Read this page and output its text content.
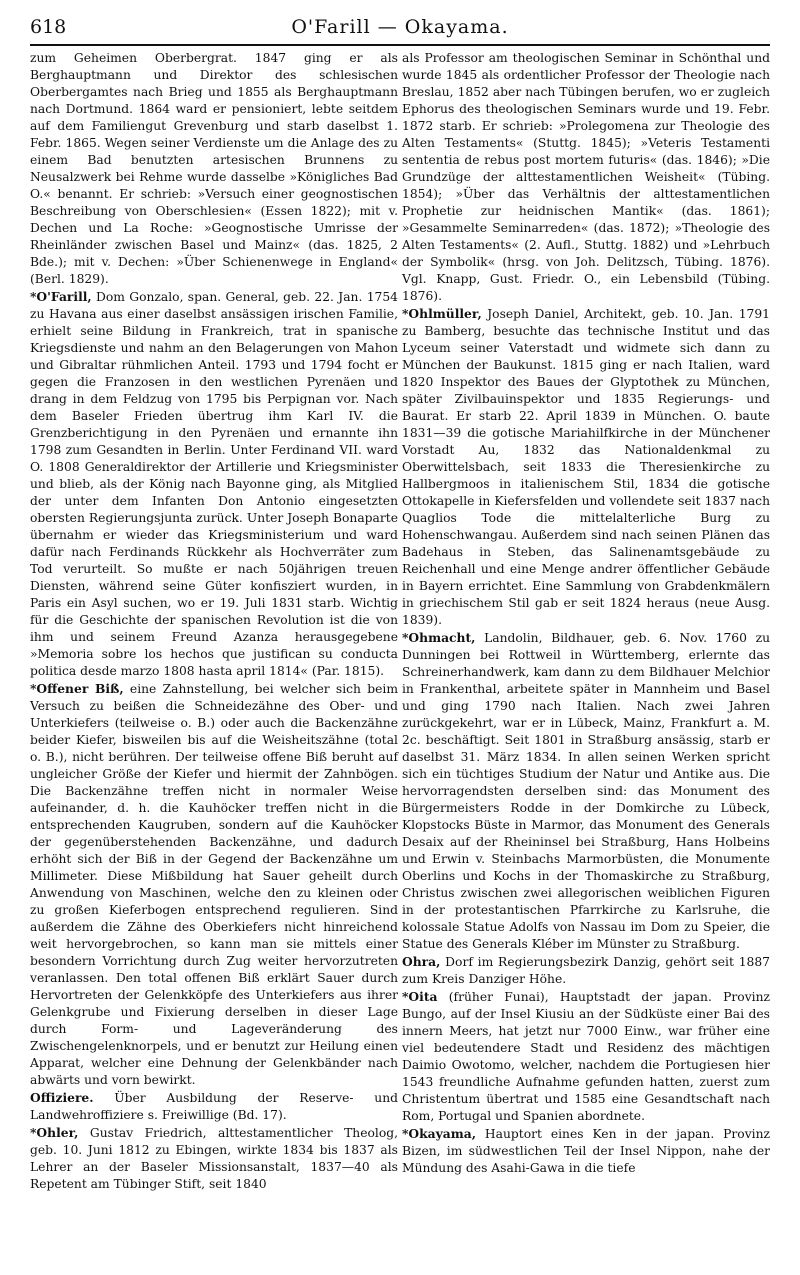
618	O'Farill — Okayama.

zum Geheimen Oberbergrat. 1847 ging er als Berghauptmann und Direktor des schlesischen Oberbergamtes nach Brieg und 1855 als Berghauptmann nach Dortmund. 1864 ward er pensioniert, lebte seitdem auf dem Familiengut Grevenburg und starb daselbst 1. Febr. 1865. Wegen seiner Verdienste um die Anlage des zu einem Bad benutzten artesischen Brunnens zu Neusalzwerk bei Rehme wurde dasselbe »Königliches Bad O.« benannt. Er schrieb: »Versuch einer geognostischen Beschreibung von Oberschlesien« (Essen 1822); mit v. Dechen und La Roche: »Geognostische Umrisse der Rheinländer zwischen Basel und Mainz« (das. 1825, 2 Bde.); mit v. Dechen: »Über Schienenwege in England« (Berl. 1829).

*O'Farill, Dom Gonzalo, span. General, geb. 22. Jan. 1754 zu Havana aus einer daselbst ansässigen irischen Familie, erhielt seine Bildung in Frankreich, trat in spanische Kriegsdienste und nahm an den Belagerungen von Mahon und Gibraltar rühmlichen Anteil. 1793 und 1794 focht er gegen die Franzosen in den westlichen Pyrenäen und drang in dem Feldzug von 1795 bis Perpignan vor. Nach dem Baseler Frieden übertrug ihm Karl IV. die Grenzberichtigung in den Pyrenäen und ernannte ihn 1798 zum Gesandten in Berlin. Unter Ferdinand VII. ward O. 1808 Generaldirektor der Artillerie und Kriegsminister und blieb, als der König nach Bayonne ging, als Mitglied der unter dem Infanten Don Antonio eingesetzten obersten Regierungsjunta zurück. Unter Joseph Bonaparte übernahm er wieder das Kriegsministerium und ward dafür nach Ferdinands Rückkehr als Hochverräter zum Tod verurteilt. So mußte er nach 50jährigen treuen Diensten, während seine Güter konfisziert wurden, in Paris ein Asyl suchen, wo er 19. Juli 1831 starb. Wichtig für die Geschichte der spanischen Revolution ist die von ihm und seinem Freund Azanza herausgegebene »Memoria sobre los hechos que justifican su conducta politica desde marzo 1808 hasta april 1814« (Par. 1815).

*Offener Biß, eine Zahnstellung, bei welcher sich beim Versuch zu beißen die Schneidezähne des Ober- und Unterkiefers (teilweise o. B.) oder auch die Backenzähne beider Kiefer, bisweilen bis auf die Weisheitszähne (total o. B.), nicht berühren. Der teilweise offene Biß beruht auf ungleicher Größe der Kiefer und hiermit der Zahnbögen. Die Backenzähne treffen nicht in normaler Weise aufeinander, d. h. die Kauhöcker treffen nicht in die entsprechenden Kaugruben, sondern auf die Kauhöcker der gegenüberstehenden Backenzähne, und dadurch erhöht sich der Biß in der Gegend der Backenzähne um Millimeter. Diese Mißbildung hat Sauer geheilt durch Anwendung von Maschinen, welche den zu kleinen oder zu großen Kieferbogen entsprechend regulieren. Sind außerdem die Zähne des Oberkiefers nicht hinreichend weit hervorgebrochen, so kann man sie mittels einer besondern Vorrichtung durch Zug weiter hervorzutreten veranlassen. Den total offenen Biß erklärt Sauer durch Hervortreten der Gelenkköpfe des Unterkiefers aus ihrer Gelenkgrube und Fixierung derselben in dieser Lage durch Form- und Lageveränderung des Zwischengelenknorpels, und er benutzt zur Heilung einen Apparat, welcher eine Dehnung der Gelenkbänder nach abwärts und vorn bewirkt.

Offiziere. Über Ausbildung der Reserve- und Landwehroffiziere s. Freiwillige (Bd. 17).

*Ohler, Gustav Friedrich, alttestamentlicher Theolog, geb. 10. Juni 1812 zu Ebingen, wirkte 1834 bis 1837 als Lehrer an der Baseler Missionsanstalt, 1837—40 als Repetent am Tübinger Stift, seit 1840

als Professor am theologischen Seminar in Schönthal und wurde 1845 als ordentlicher Professor der Theologie nach Breslau, 1852 aber nach Tübingen berufen, wo er zugleich Ephorus des theologischen Seminars wurde und 19. Febr. 1872 starb. Er schrieb: »Prolegomena zur Theologie des Alten Testaments« (Stuttg. 1845); »Veteris Testamenti sententia de rebus post mortem futuris« (das. 1846); »Die Grundzüge der alttestamentlichen Weisheit« (Tübing. 1854); »Über das Verhältnis der alttestamentlichen Prophetie zur heidnischen Mantik« (das. 1861); »Gesammelte Seminarreden« (das. 1872); »Theologie des Alten Testaments« (2. Aufl., Stuttg. 1882) und »Lehrbuch der Symbolik« (hrsg. von Joh. Delitzsch, Tübing. 1876). Vgl. Knapp, Gust. Friedr. O., ein Lebensbild (Tübing. 1876).

*Ohlmüller, Joseph Daniel, Architekt, geb. 10. Jan. 1791 zu Bamberg, besuchte das technische Institut und das Lyceum seiner Vaterstadt und widmete sich dann zu München der Baukunst. 1815 ging er nach Italien, ward 1820 Inspektor des Baues der Glyptothek zu München, später Zivilbauinspektor und 1835 Regierungs- und Baurat. Er starb 22. April 1839 in München. O. baute 1831—39 die gotische Mariahilfkirche in der Münchener Vorstadt Au, 1832 das Nationaldenkmal zu Oberwittelsbach, seit 1833 die Theresienkirche zu Hallbergmoos in italienischem Stil, 1834 die gotische Ottokapelle in Kiefersfelden und vollendete seit 1837 nach Quaglios Tode die mittelalterliche Burg zu Hohenschwangau. Außerdem sind nach seinen Plänen das Badehaus in Steben, das Salinenamtsgebäude zu Reichenhall und eine Menge andrer öffentlicher Gebäude in Bayern errichtet. Eine Sammlung von Grabdenkmälern in griechischem Stil gab er seit 1824 heraus (neue Ausg. 1839).

*Ohmacht, Landolin, Bildhauer, geb. 6. Nov. 1760 zu Dunningen bei Rottweil in Württemberg, erlernte das Schreinerhandwerk, kam dann zu dem Bildhauer Melchior in Frankenthal, arbeitete später in Mannheim und Basel und ging 1790 nach Italien. Nach zwei Jahren zurückgekehrt, war er in Lübeck, Mainz, Frankfurt a. M. 2c. beschäftigt. Seit 1801 in Straßburg ansässig, starb er daselbst 31. März 1834. In allen seinen Werken spricht sich ein tüchtiges Studium der Natur und Antike aus. Die hervorragendsten derselben sind: das Monument des Bürgermeisters Rodde in der Domkirche zu Lübeck, Klopstocks Büste in Marmor, das Monument des Generals Desaix auf der Rheininsel bei Straßburg, Hans Holbeins und Erwin v. Steinbachs Marmorbüsten, die Monumente Oberlins und Kochs in der Thomaskirche zu Straßburg, Christus zwischen zwei allegorischen weiblichen Figuren in der protestantischen Pfarrkirche zu Karlsruhe, die kolossale Statue Adolfs von Nassau im Dom zu Speier, die Statue des Generals Kléber im Münster zu Straßburg.

Ohra, Dorf im Regierungsbezirk Danzig, gehört seit 1887 zum Kreis Danziger Höhe.

*Oita (früher Funai), Hauptstadt der japan. Provinz Bungo, auf der Insel Kiusiu an der Südküste einer Bai des innern Meers, hat jetzt nur 7000 Einw., war früher eine viel bedeutendere Stadt und Residenz des mächtigen Daimio Owotomo, welcher, nachdem die Portugiesen hier 1543 freundliche Aufnahme gefunden hatten, zuerst zum Christentum übertrat und 1585 eine Gesandtschaft nach Rom, Portugal und Spanien abordnete.

*Okayama, Hauptort eines Ken in der japan. Provinz Bizen, im südwestlichen Teil der Insel Nippon, nahe der Mündung des Asahi-Gawa in die tiefe
